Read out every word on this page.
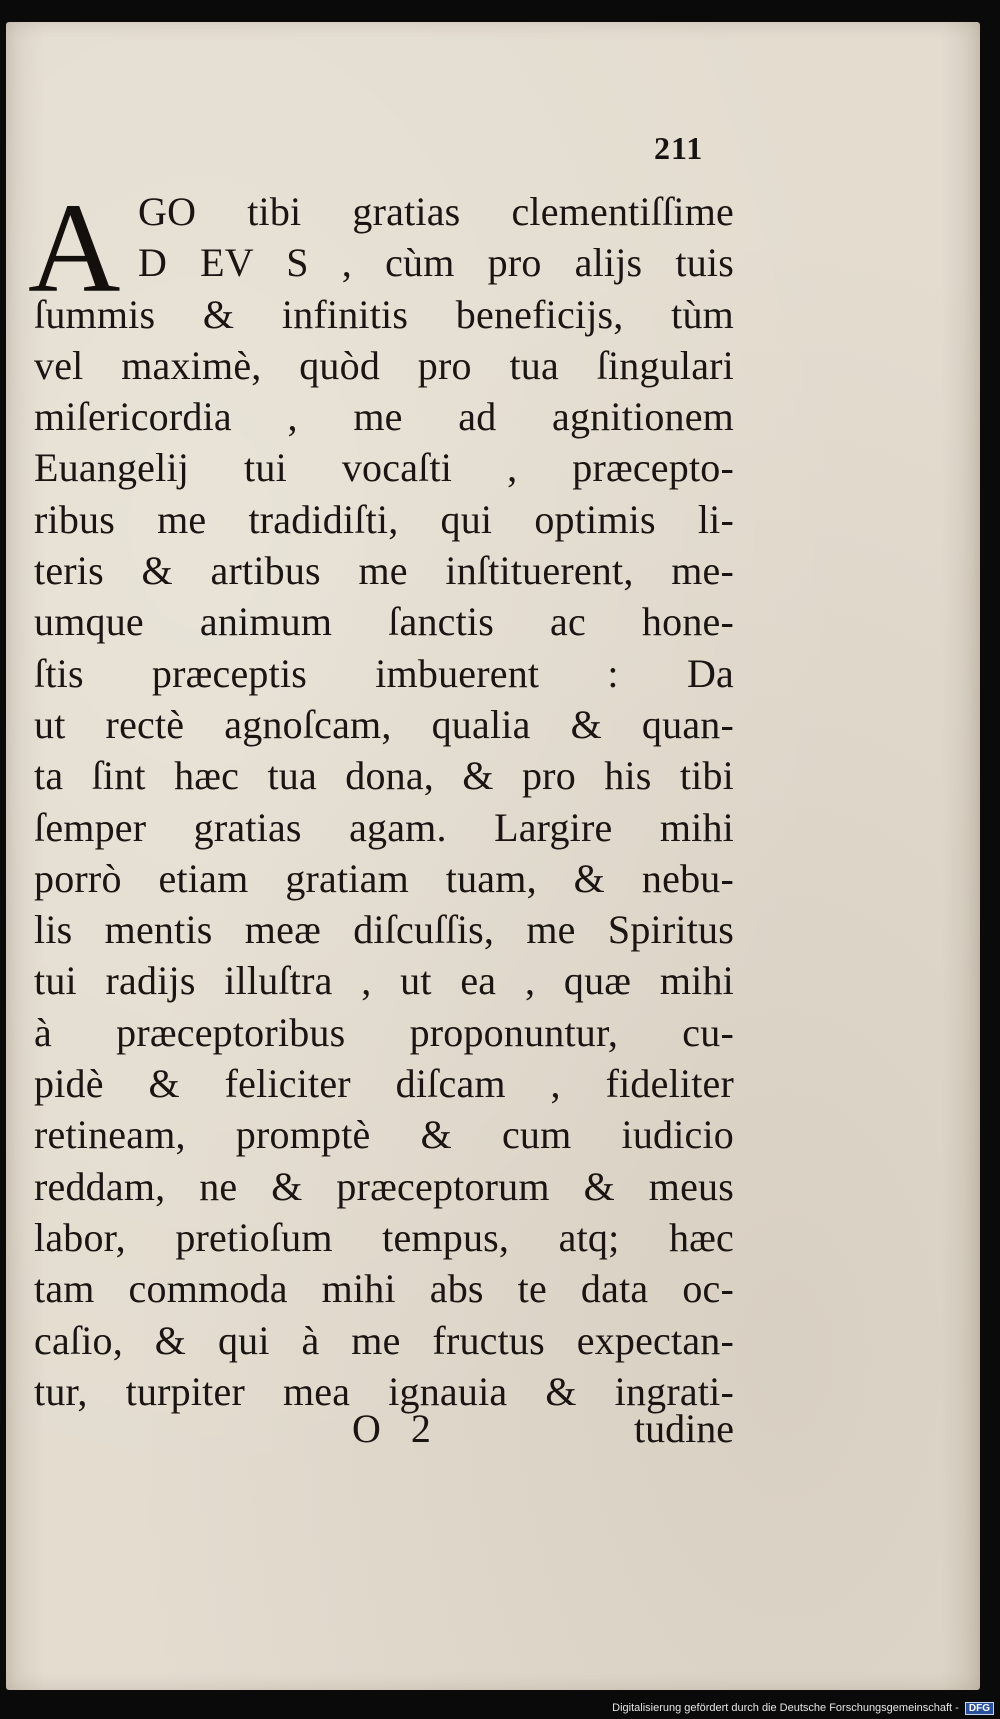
211
A GO tibi gratias clementiſſime
D EV S , cùm pro alijs tuis
ſummis & infinitis beneficijs, tùm
vel maximè, quòd pro tua ſingulari
miſericordia , me ad agnitionem
Euangelij tui vocaſti , præcepto-
ribus me tradidiſti, qui optimis li-
teris & artibus me inſtituerent, me-
umque animum ſanctis ac hone-
ſtis præceptis imbuerent : Da
ut rectè agnoſcam, qualia & quan-
ta ſint hæc tua dona, & pro his tibi
ſemper gratias agam. Largire mihi
porrò etiam gratiam tuam, & nebu-
lis mentis meæ diſcuſſis, me Spiritus
tui radijs illuſtra , ut ea , quæ mihi
à præceptoribus proponuntur, cu-
pidè & feliciter diſcam , fideliter
retineam, promptè & cum iudicio
reddam, ne & præceptorum & meus
labor, pretioſum tempus, atq; hæc
tam commoda mihi abs te data oc-
caſio, & qui à me fructus expectan-
tur, turpiter mea ignauia & ingrati-
O 2	tudine
Digitalisierung gefördert durch die Deutsche Forschungsgemeinschaft - DFG
